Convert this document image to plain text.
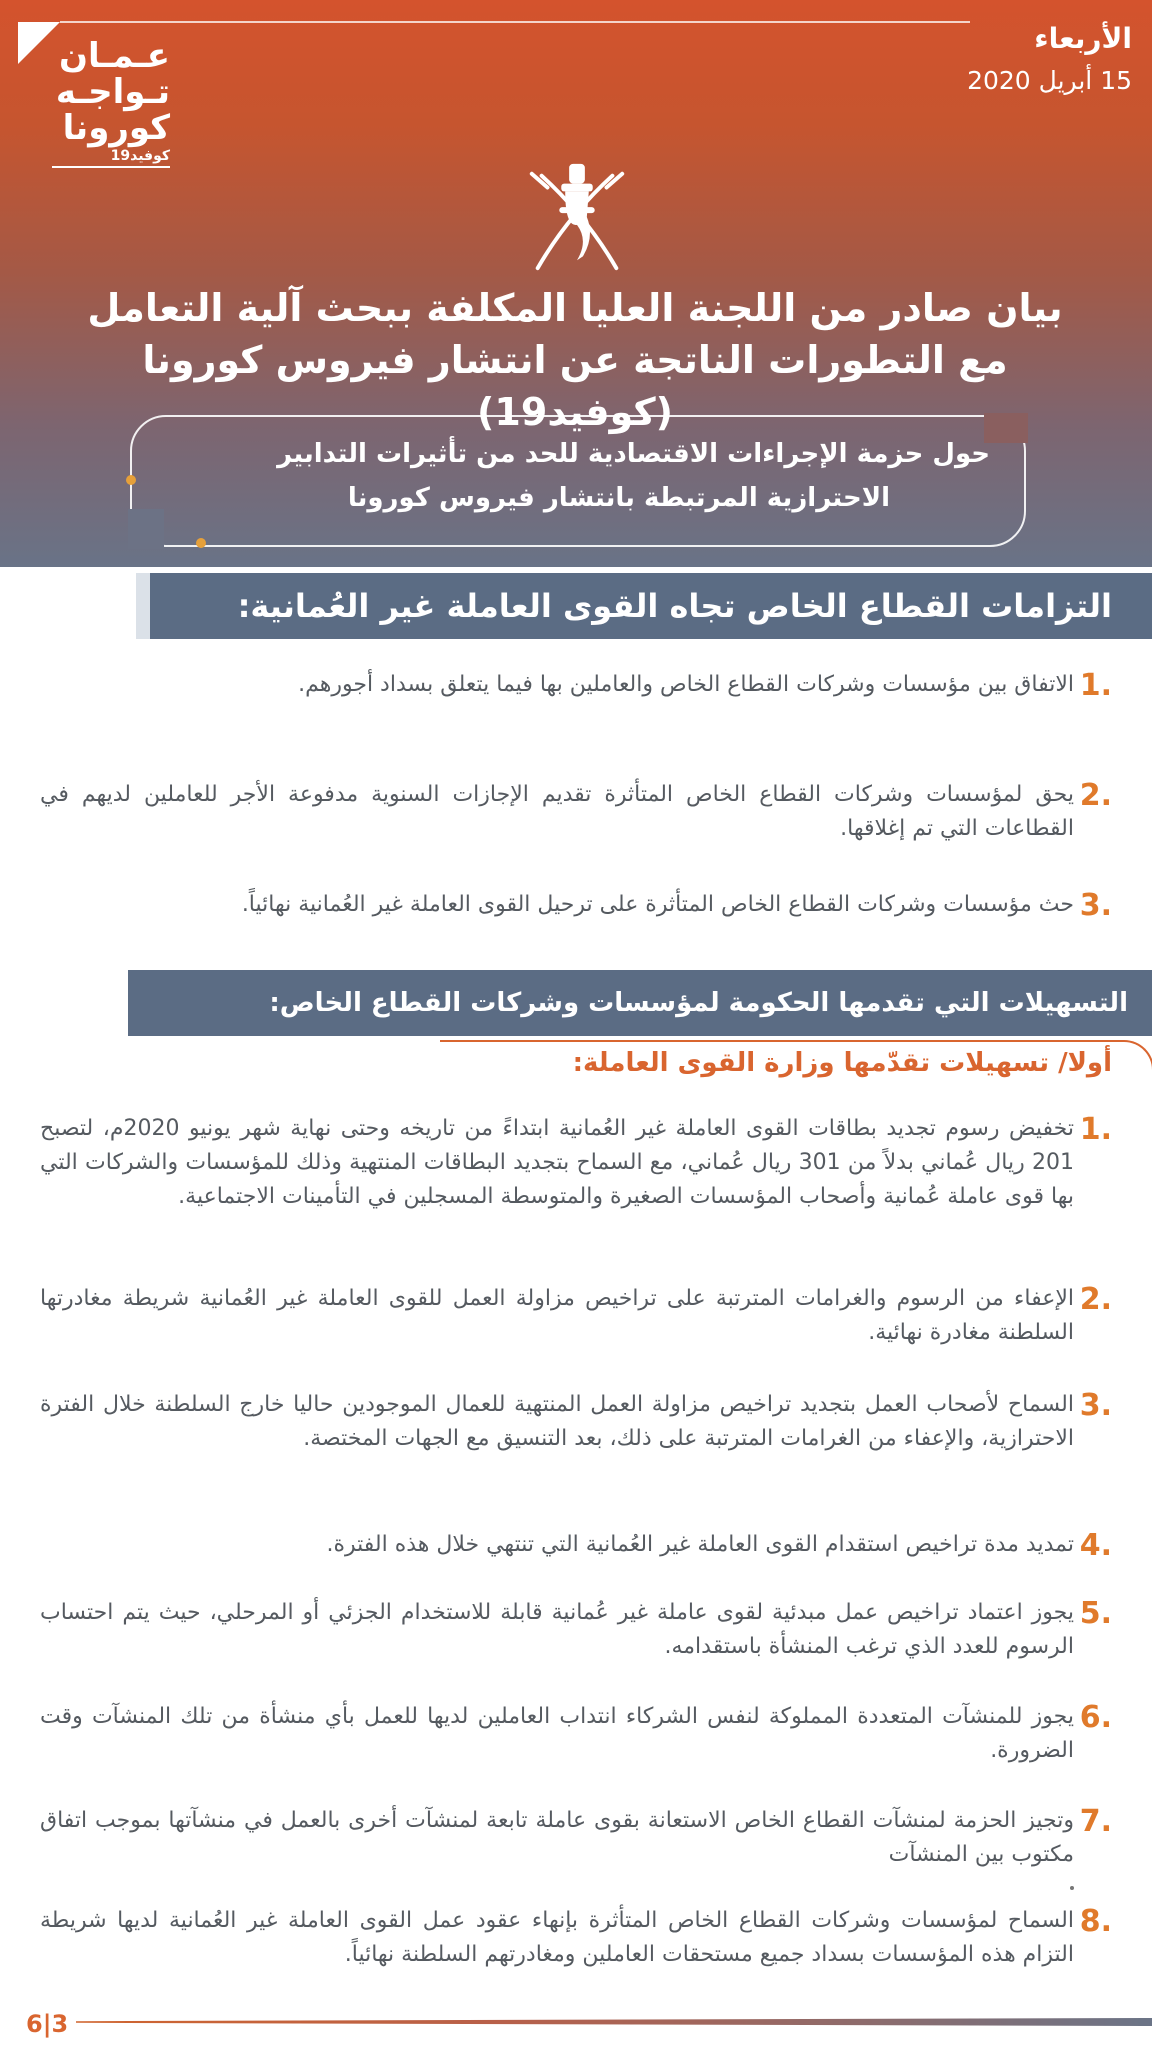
عـمـان
تـواجـه
كورونا
كوفيد19
الأربعاء
15 أبريل 2020
بيان صادر من اللجنة العليا المكلفة ببحث آلية التعامل
مع التطورات الناتجة عن انتشار فيروس كورونا (كوفيد19)

حول حزمة الإجراءات الاقتصادية للحد من تأثيرات التدابير
الاحترازية المرتبطة بانتشار فيروس كورونا

التزامات القطاع الخاص تجاه القوى العاملة غير العُمانية:
1.
الاتفاق بين مؤسسات وشركات القطاع الخاص والعاملين بها فيما يتعلق بسداد أجورهم.
2.
يحق لمؤسسات وشركات القطاع الخاص المتأثرة تقديم الإجازات السنوية مدفوعة الأجر للعاملين لديهم في القطاعات التي تم إغلاقها.
3.
حث مؤسسات وشركات القطاع الخاص المتأثرة على ترحيل القوى العاملة غير العُمانية نهائياً.
التسهيلات التي تقدمها الحكومة لمؤسسات وشركات القطاع الخاص:
أولا/ تسهيلات تقدّمها وزارة القوى العاملة:
1.
تخفيض رسوم تجديد بطاقات القوى العاملة غير العُمانية ابتداءً من تاريخه وحتى نهاية شهر يونيو 2020م، لتصبح 201 ريال عُماني بدلاً من 301 ريال عُماني، مع السماح بتجديد البطاقات المنتهية وذلك للمؤسسات والشركات التي بها قوى عاملة عُمانية وأصحاب المؤسسات الصغيرة والمتوسطة المسجلين في التأمينات الاجتماعية.
2.
الإعفاء من الرسوم والغرامات المترتبة على تراخيص مزاولة العمل للقوى العاملة غير العُمانية شريطة مغادرتها السلطنة مغادرة نهائية.
3.
السماح لأصحاب العمل بتجديد تراخيص مزاولة العمل المنتهية للعمال الموجودين حاليا خارج السلطنة خلال الفترة الاحترازية، والإعفاء من الغرامات المترتبة على ذلك، بعد التنسيق مع الجهات المختصة.
4.
تمديد مدة تراخيص استقدام القوى العاملة غير العُمانية التي تنتهي خلال هذه الفترة.
5.
يجوز اعتماد تراخيص عمل مبدئية لقوى عاملة غير عُمانية قابلة للاستخدام الجزئي أو المرحلي، حيث يتم احتساب الرسوم للعدد الذي ترغب المنشأة باستقدامه.
6.
يجوز للمنشآت المتعددة المملوكة لنفس الشركاء انتداب العاملين لديها للعمل بأي منشأة من تلك المنشآت وقت الضرورة.
7.
وتجيز الحزمة لمنشآت القطاع الخاص الاستعانة بقوى عاملة تابعة لمنشآت أخرى بالعمل في منشآتها بموجب اتفاق مكتوب بين المنشآت
8.
السماح لمؤسسات وشركات القطاع الخاص المتأثرة بإنهاء عقود عمل القوى العاملة غير العُمانية لديها شريطة التزام هذه المؤسسات بسداد جميع مستحقات العاملين ومغادرتهم السلطنة نهائياً.
6|3
